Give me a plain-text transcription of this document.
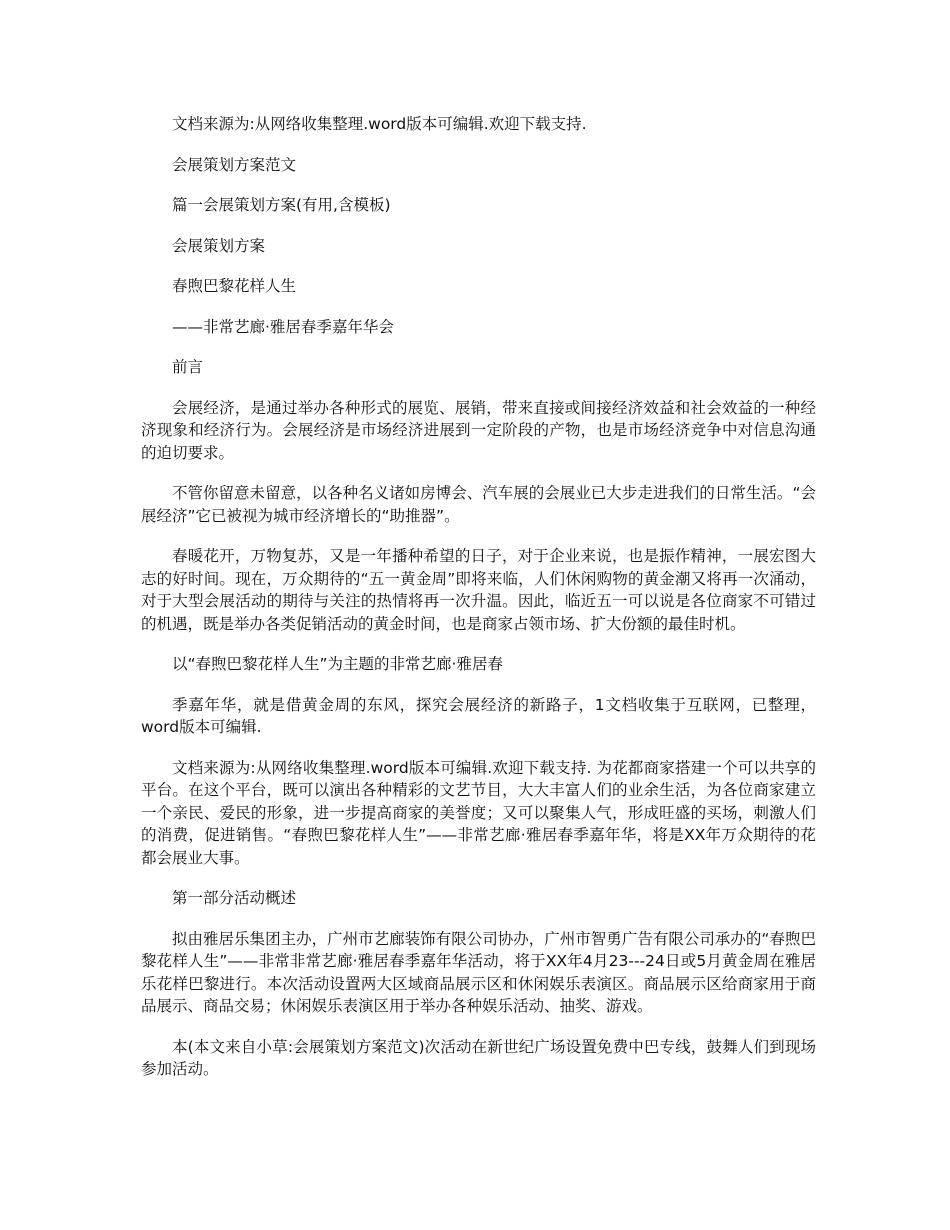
文档来源为:从网络收集整理.word版本可编辑.欢迎下载支持.

会展策划方案范文

篇一会展策划方案(有用,含模板)

会展策划方案

春煦巴黎花样人生

——非常艺廊·雅居春季嘉年华会

前言

会展经济，是通过举办各种形式的展览、展销，带来直接或间接经济效益和社会效益的一种经济现象和经济行为。会展经济是市场经济进展到一定阶段的产物，也是市场经济竞争中对信息沟通的迫切要求。

不管你留意未留意，以各种名义诸如房博会、汽车展的会展业已大步走进我们的日常生活。“会展经济”它已被视为城市经济增长的“助推器”。

春暖花开，万物复苏，又是一年播种希望的日子，对于企业来说，也是振作精神，一展宏图大志的好时间。现在，万众期待的“五一黄金周”即将来临，人们休闲购物的黄金潮又将再一次涌动，对于大型会展活动的期待与关注的热情将再一次升温。因此，临近五一可以说是各位商家不可错过的机遇，既是举办各类促销活动的黄金时间，也是商家占领市场、扩大份额的最佳时机。

以“春煦巴黎花样人生”为主题的非常艺廊·雅居春

季嘉年华，就是借黄金周的东风，探究会展经济的新路子，1文档收集于互联网，已整理，word版本可编辑.

文档来源为:从网络收集整理.word版本可编辑.欢迎下载支持. 为花都商家搭建一个可以共享的平台。在这个平台，既可以演出各种精彩的文艺节目，大大丰富人们的业余生活，为各位商家建立一个亲民、爱民的形象，进一步提高商家的美誉度；又可以聚集人气，形成旺盛的买场，刺激人们的消费，促进销售。“春煦巴黎花样人生”——非常艺廊·雅居春季嘉年华，将是XX年万众期待的花都会展业大事。

第一部分活动概述

拟由雅居乐集团主办，广州市艺廊装饰有限公司协办，广州市智勇广告有限公司承办的“春煦巴黎花样人生”——非常非常艺廊·雅居春季嘉年华活动，将于XX年4月23---24日或5月黄金周在雅居乐花样巴黎进行。本次活动设置两大区域商品展示区和休闲娱乐表演区。商品展示区给商家用于商品展示、商品交易；休闲娱乐表演区用于举办各种娱乐活动、抽奖、游戏。

本(本文来自小草:会展策划方案范文)次活动在新世纪广场设置免费中巴专线，鼓舞人们到现场参加活动。
